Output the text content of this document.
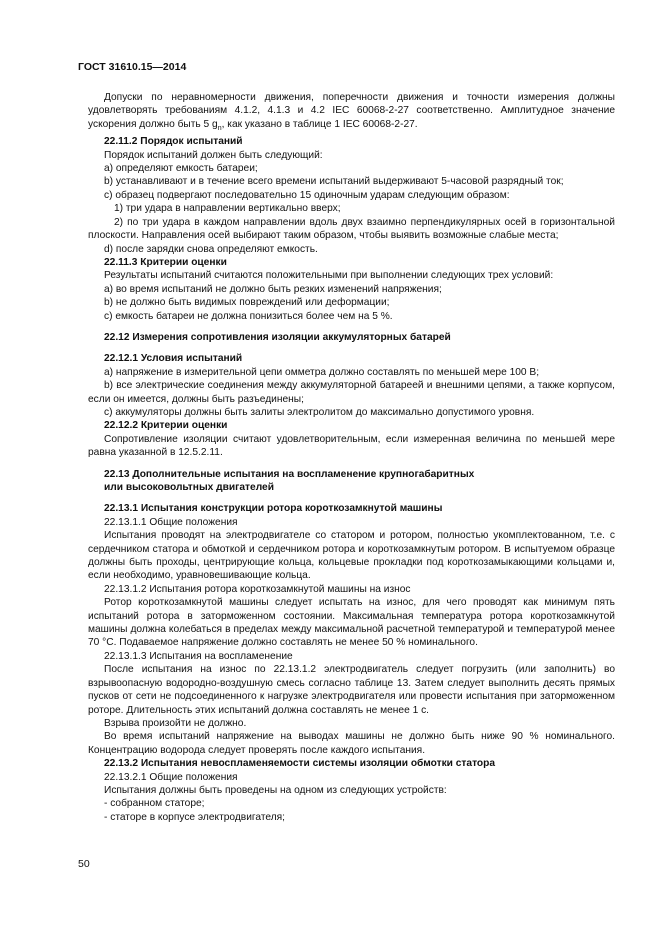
ГОСТ 31610.15—2014

Допуски по неравномерности движения, поперечности движения и точности измерения должны удовлетворять требованиям 4.1.2, 4.1.3 и 4.2 IEC 60068-2-27 соответственно. Амплитудное значение ускорения должно быть 5 $g_n$, как указано в таблице 1 IEC 60068-2-27.

22.11.2 Порядок испытаний

Порядок испытаний должен быть следующий:

a) определяют емкость батареи;

b) устанавливают и в течение всего времени испытаний выдерживают 5-часовой разрядный ток;

c) образец подвергают последовательно 15 одиночным ударам следующим образом:

1) три удара в направлении вертикально вверх;

2) по три удара в каждом направлении вдоль двух взаимно перпендикулярных осей в горизонтальной плоскости. Направления осей выбирают таким образом, чтобы выявить возможные слабые места;

d) после зарядки снова определяют емкость.

22.11.3 Критерии оценки

Результаты испытаний считаются положительными при выполнении следующих трех условий:

a) во время испытаний не должно быть резких изменений напряжения;

b) не должно быть видимых повреждений или деформации;

c) емкость батареи не должна понизиться более чем на 5 %.

22.12 Измерения сопротивления изоляции аккумуляторных батарей

22.12.1 Условия испытаний

a) напряжение в измерительной цепи омметра должно составлять по меньшей мере 100 В;

b) все электрические соединения между аккумуляторной батареей и внешними цепями, а также корпусом, если он имеется, должны быть разъединены;

c) аккумуляторы должны быть залиты электролитом до максимально допустимого уровня.

22.12.2 Критерии оценки

Сопротивление изоляции считают удовлетворительным, если измеренная величина по меньшей мере равна указанной в 12.5.2.11.

22.13 Дополнительные испытания на воспламенение крупногабаритных

или высоковольтных двигателей

22.13.1 Испытания конструкции ротора короткозамкнутой машины

22.13.1.1 Общие положения

Испытания проводят на электродвигателе со статором и ротором, полностью укомплектованном, т.е. с сердечником статора и обмоткой и сердечником ротора и короткозамкнутым ротором. В испытуемом образце должны быть проходы, центрирующие кольца, кольцевые прокладки под короткозамыкающими кольцами и, если необходимо, уравновешивающие кольца.

22.13.1.2 Испытания ротора короткозамкнутой машины на износ

Ротор короткозамкнутой машины следует испытать на износ, для чего проводят как минимум пять испытаний ротора в заторможенном состоянии. Максимальная температура ротора короткозамкнутой машины должна колебаться в пределах между максимальной расчетной температурой и температурой менее 70 °С. Подаваемое напряжение должно составлять не менее 50 % номинального.

22.13.1.3 Испытания на воспламенение

После испытания на износ по 22.13.1.2 электродвигатель следует погрузить (или заполнить) во взрывоопасную водородно-воздушную смесь согласно таблице 13. Затем следует выполнить десять прямых пусков от сети не подсоединенного к нагрузке электродвигателя или провести испытания при заторможенном роторе. Длительность этих испытаний должна составлять не менее 1 с.

Взрыва произойти не должно.

Во время испытаний напряжение на выводах машины не должно быть ниже 90 % номинального. Концентрацию водорода следует проверять после каждого испытания.

22.13.2 Испытания невоспламеняемости системы изоляции обмотки статора

22.13.2.1 Общие положения

Испытания должны быть проведены на одном из следующих устройств:

- собранном статоре;

- статоре в корпусе электродвигателя;

50
